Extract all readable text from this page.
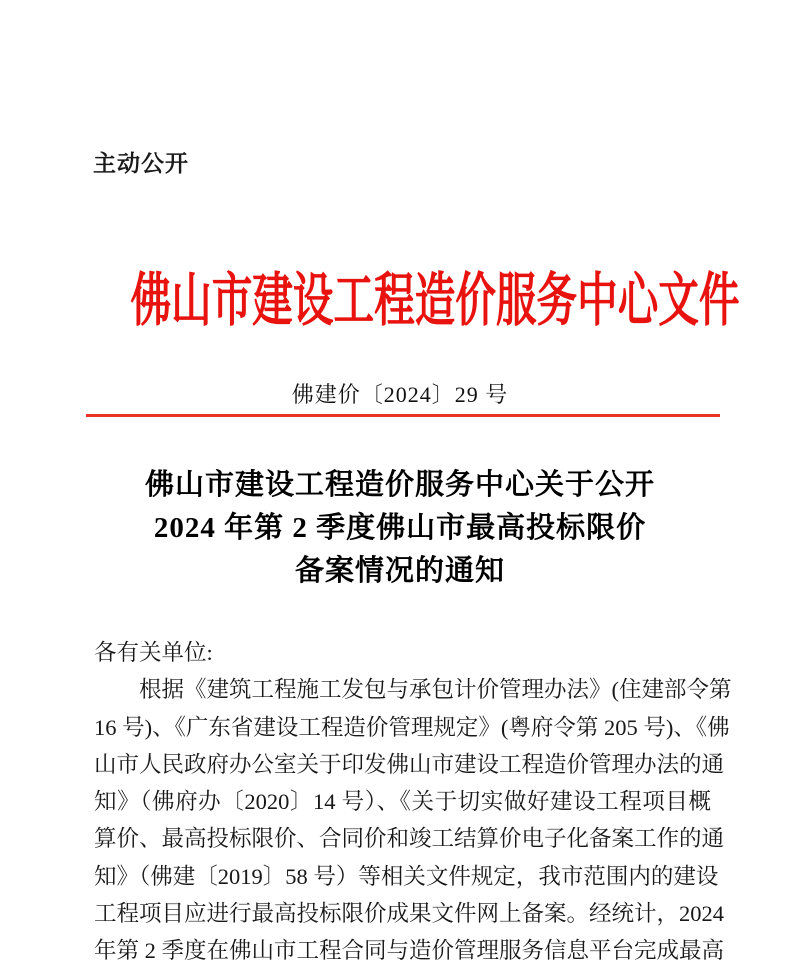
主动公开
佛山市建设工程造价服务中心文件
佛建价〔2024〕29 号
佛山市建设工程造价服务中心关于公开
2024 年第 2 季度佛山市最高投标限价
备案情况的通知
各有关单位:
　　根据《建筑工程施工发包与承包计价管理办法》(住建部令第
16 号)、《广东省建设工程造价管理规定》(粤府令第 205 号)、《佛
山市人民政府办公室关于印发佛山市建设工程造价管理办法的通
知》（佛府办〔2020〕14 号）、《关于切实做好建设工程项目概
算价、最高投标限价、合同价和竣工结算价电子化备案工作的通
知》（佛建〔2019〕58 号）等相关文件规定，我市范围内的建设
工程项目应进行最高投标限价成果文件网上备案。经统计，2024
年第 2 季度在佛山市工程合同与造价管理服务信息平台完成最高
